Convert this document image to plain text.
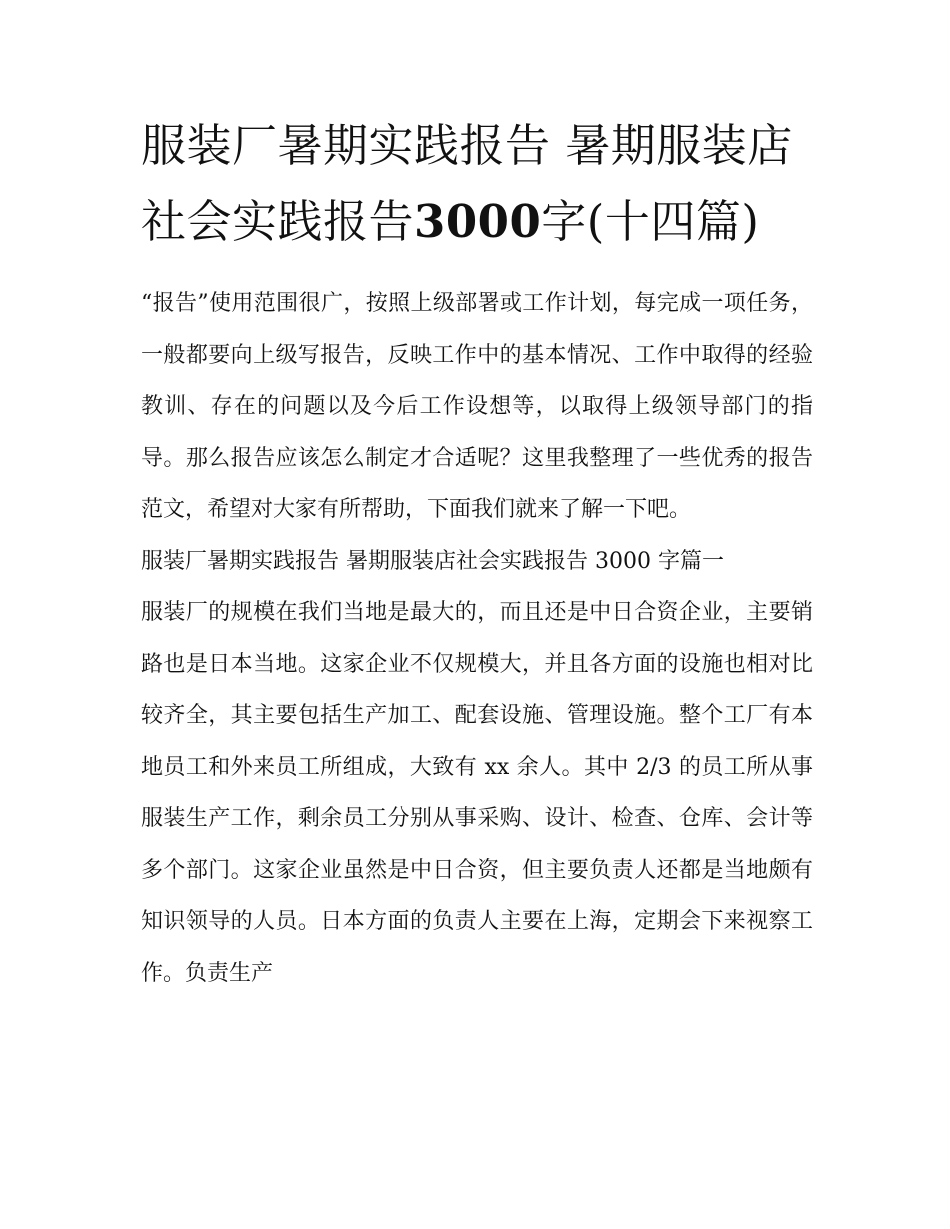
服装厂暑期实践报告 暑期服装店社会实践报告3000字(十四篇)

“报告”使用范围很广，按照上级部署或工作计划，每完成一项任务，一般都要向上级写报告，反映工作中的基本情况、工作中取得的经验教训、存在的问题以及今后工作设想等，以取得上级领导部门的指导。那么报告应该怎么制定才合适呢？这里我整理了一些优秀的报告范文，希望对大家有所帮助，下面我们就来了解一下吧。

服装厂暑期实践报告 暑期服装店社会实践报告 3000 字篇一

服装厂的规模在我们当地是最大的，而且还是中日合资企业，主要销路也是日本当地。这家企业不仅规模大，并且各方面的设施也相对比较齐全，其主要包括生产加工、配套设施、管理设施。整个工厂有本地员工和外来员工所组成，大致有 xx 余人。其中 2/3 的员工所从事服装生产工作，剩余员工分别从事采购、设计、检查、仓库、会计等多个部门。这家企业虽然是中日合资，但主要负责人还都是当地颇有知识领导的人员。日本方面的负责人主要在上海，定期会下来视察工作。负责生产
